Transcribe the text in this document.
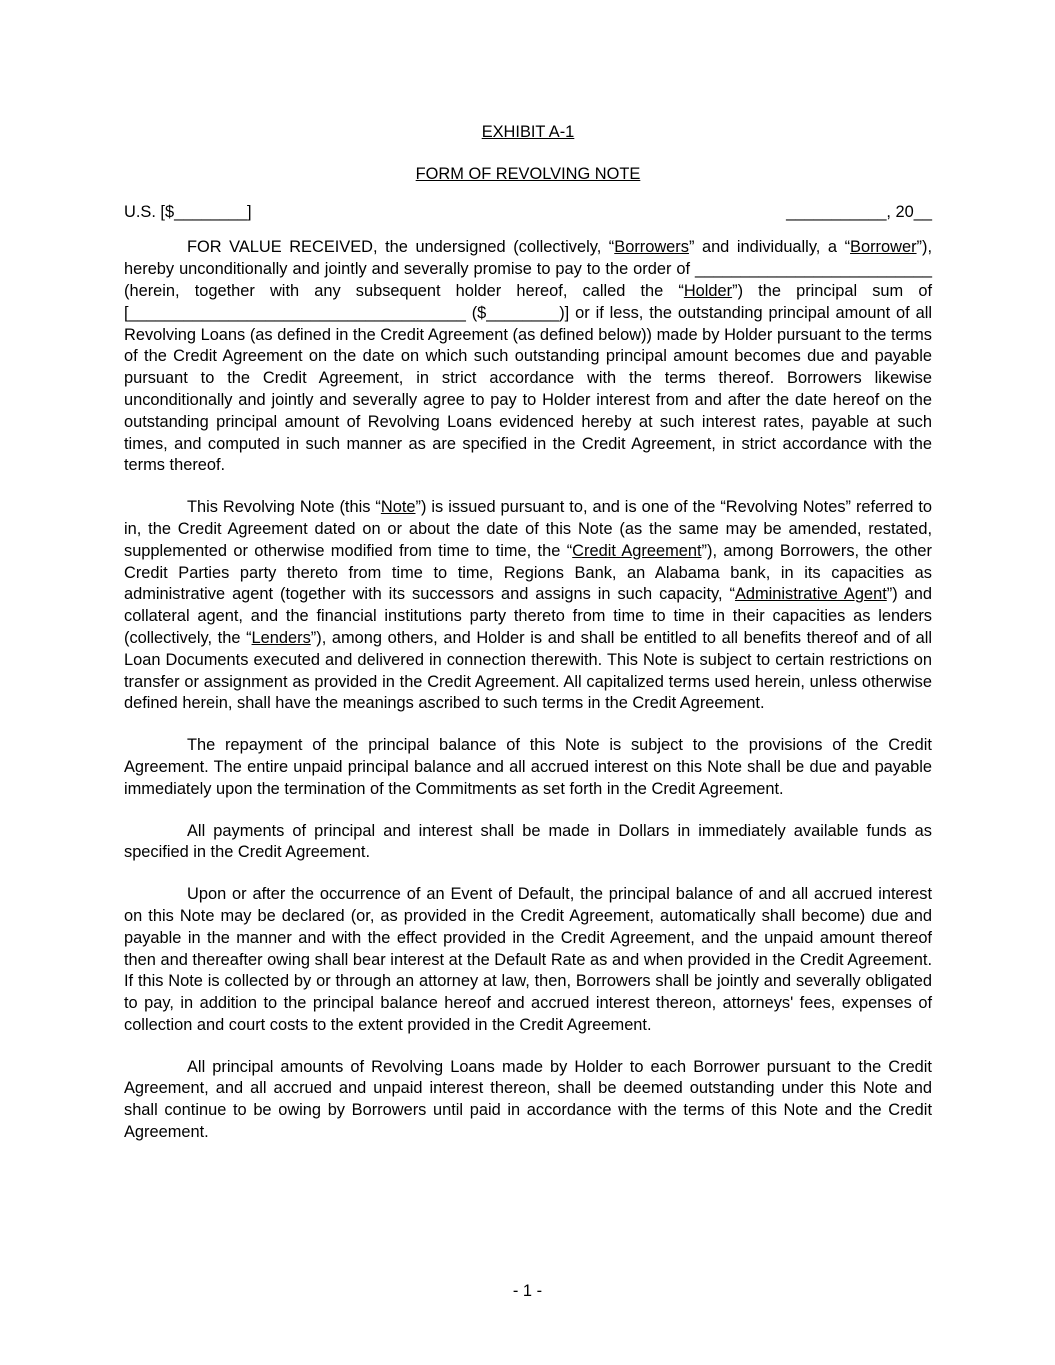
EXHIBIT A-1

FORM OF REVOLVING NOTE

U.S. [$________]	___________, 20__

FOR VALUE RECEIVED, the undersigned (collectively, “Borrowers” and individually, a “Borrower”), hereby unconditionally and jointly and severally promise to pay to the order of __________________________ (herein, together with any subsequent holder hereof, called the “Holder”) the principal sum of [_____________________________________ ($________)] or if less, the outstanding principal amount of all Revolving Loans (as defined in the Credit Agreement (as defined below)) made by Holder pursuant to the terms of the Credit Agreement on the date on which such outstanding principal amount becomes due and payable pursuant to the Credit Agreement, in strict accordance with the terms thereof. Borrowers likewise unconditionally and jointly and severally agree to pay to Holder interest from and after the date hereof on the outstanding principal amount of Revolving Loans evidenced hereby at such interest rates, payable at such times, and computed in such manner as are specified in the Credit Agreement, in strict accordance with the terms thereof.

This Revolving Note (this “Note”) is issued pursuant to, and is one of the “Revolving Notes” referred to in, the Credit Agreement dated on or about the date of this Note (as the same may be amended, restated, supplemented or otherwise modified from time to time, the “Credit Agreement”), among Borrowers, the other Credit Parties party thereto from time to time, Regions Bank, an Alabama bank, in its capacities as administrative agent (together with its successors and assigns in such capacity, “Administrative Agent”) and collateral agent, and the financial institutions party thereto from time to time in their capacities as lenders (collectively, the “Lenders”), among others, and Holder is and shall be entitled to all benefits thereof and of all Loan Documents executed and delivered in connection therewith. This Note is subject to certain restrictions on transfer or assignment as provided in the Credit Agreement. All capitalized terms used herein, unless otherwise defined herein, shall have the meanings ascribed to such terms in the Credit Agreement.

The repayment of the principal balance of this Note is subject to the provisions of the Credit Agreement. The entire unpaid principal balance and all accrued interest on this Note shall be due and payable immediately upon the termination of the Commitments as set forth in the Credit Agreement.

All payments of principal and interest shall be made in Dollars in immediately available funds as specified in the Credit Agreement.

Upon or after the occurrence of an Event of Default, the principal balance of and all accrued interest on this Note may be declared (or, as provided in the Credit Agreement, automatically shall become) due and payable in the manner and with the effect provided in the Credit Agreement, and the unpaid amount thereof then and thereafter owing shall bear interest at the Default Rate as and when provided in the Credit Agreement. If this Note is collected by or through an attorney at law, then, Borrowers shall be jointly and severally obligated to pay, in addition to the principal balance hereof and accrued interest thereon, attorneys' fees, expenses of collection and court costs to the extent provided in the Credit Agreement.

All principal amounts of Revolving Loans made by Holder to each Borrower pursuant to the Credit Agreement, and all accrued and unpaid interest thereon, shall be deemed outstanding under this Note and shall continue to be owing by Borrowers until paid in accordance with the terms of this Note and the Credit Agreement.

- 1 -
